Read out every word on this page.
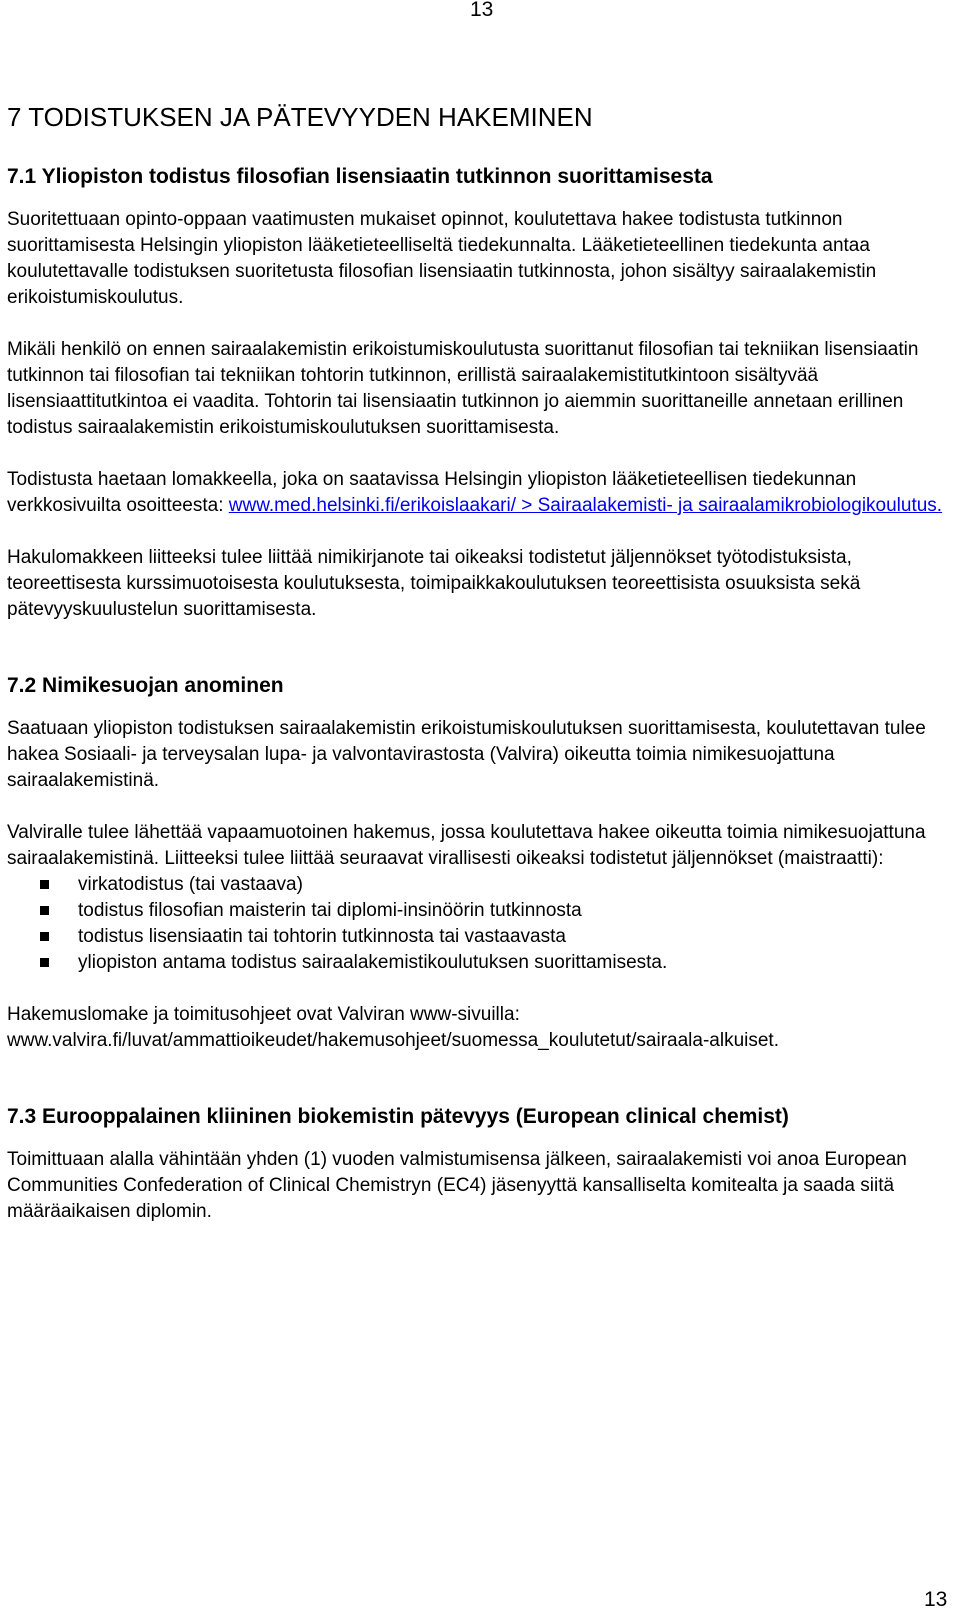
13
7 TODISTUKSEN JA PÄTEVYYDEN HAKEMINEN
7.1 Yliopiston todistus filosofian lisensiaatin tutkinnon suorittamisesta

Suoritettuaan opinto-oppaan vaatimusten mukaiset opinnot, koulutettava hakee todistusta tutkinnon suorittamisesta Helsingin yliopiston lääketieteelliseltä tiedekunnalta. Lääketieteellinen tiedekunta antaa koulutettavalle todistuksen suoritetusta filosofian lisensiaatin tutkinnosta, johon sisältyy sairaalakemistin erikoistumiskoulutus.

Mikäli henkilö on ennen sairaalakemistin erikoistumiskoulutusta suorittanut filosofian tai tekniikan lisensiaatin tutkinnon tai filosofian tai tekniikan tohtorin tutkinnon, erillistä sairaalakemistitutkintoon sisältyvää lisensiaattitutkintoa ei vaadita. Tohtorin tai lisensiaatin tutkinnon jo aiemmin suorittaneille annetaan erillinen todistus sairaalakemistin erikoistumiskoulutuksen suorittamisesta.

Todistusta haetaan lomakkeella, joka on saatavissa Helsingin yliopiston lääketieteellisen tiedekunnan verkkosivuilta osoitteesta: www.med.helsinki.fi/erikoislaakari/ > Sairaalakemisti- ja sairaalamikrobiologikoulutus.

Hakulomakkeen liitteeksi tulee liittää nimikirjanote tai oikeaksi todistetut jäljennökset työtodistuksista, teoreettisesta kurssimuotoisesta koulutuksesta, toimipaikkakoulutuksen teoreettisista osuuksista sekä pätevyyskuulustelun suorittamisesta.

7.2 Nimikesuojan anominen

Saatuaan yliopiston todistuksen sairaalakemistin erikoistumiskoulutuksen suorittamisesta, koulutettavan tulee hakea Sosiaali- ja terveysalan lupa- ja valvontavirastosta (Valvira) oikeutta toimia nimikesuojattuna sairaalakemistinä.

Valviralle tulee lähettää vapaamuotoinen hakemus, jossa koulutettava hakee oikeutta toimia nimikesuojattuna sairaalakemistinä. Liitteeksi tulee liittää seuraavat virallisesti oikeaksi todistetut jäljennökset (maistraatti):

virkatodistus (tai vastaava)
todistus filosofian maisterin tai diplomi-insinöörin tutkinnosta
todistus lisensiaatin tai tohtorin tutkinnosta tai vastaavasta
yliopiston antama todistus sairaalakemistikoulutuksen suorittamisesta.

Hakemuslomake ja toimitusohjeet ovat Valviran www-sivuilla:
www.valvira.fi/luvat/ammattioikeudet/hakemusohjeet/suomessa_koulutetut/sairaala-alkuiset.

7.3 Eurooppalainen kliininen biokemistin pätevyys (European clinical chemist)

Toimittuaan alalla vähintään yhden (1) vuoden valmistumisensa jälkeen, sairaalakemisti voi anoa European Communities Confederation of Clinical Chemistryn (EC4) jäsenyyttä kansalliselta komitealta ja saada siitä määräaikaisen diplomin.

13
